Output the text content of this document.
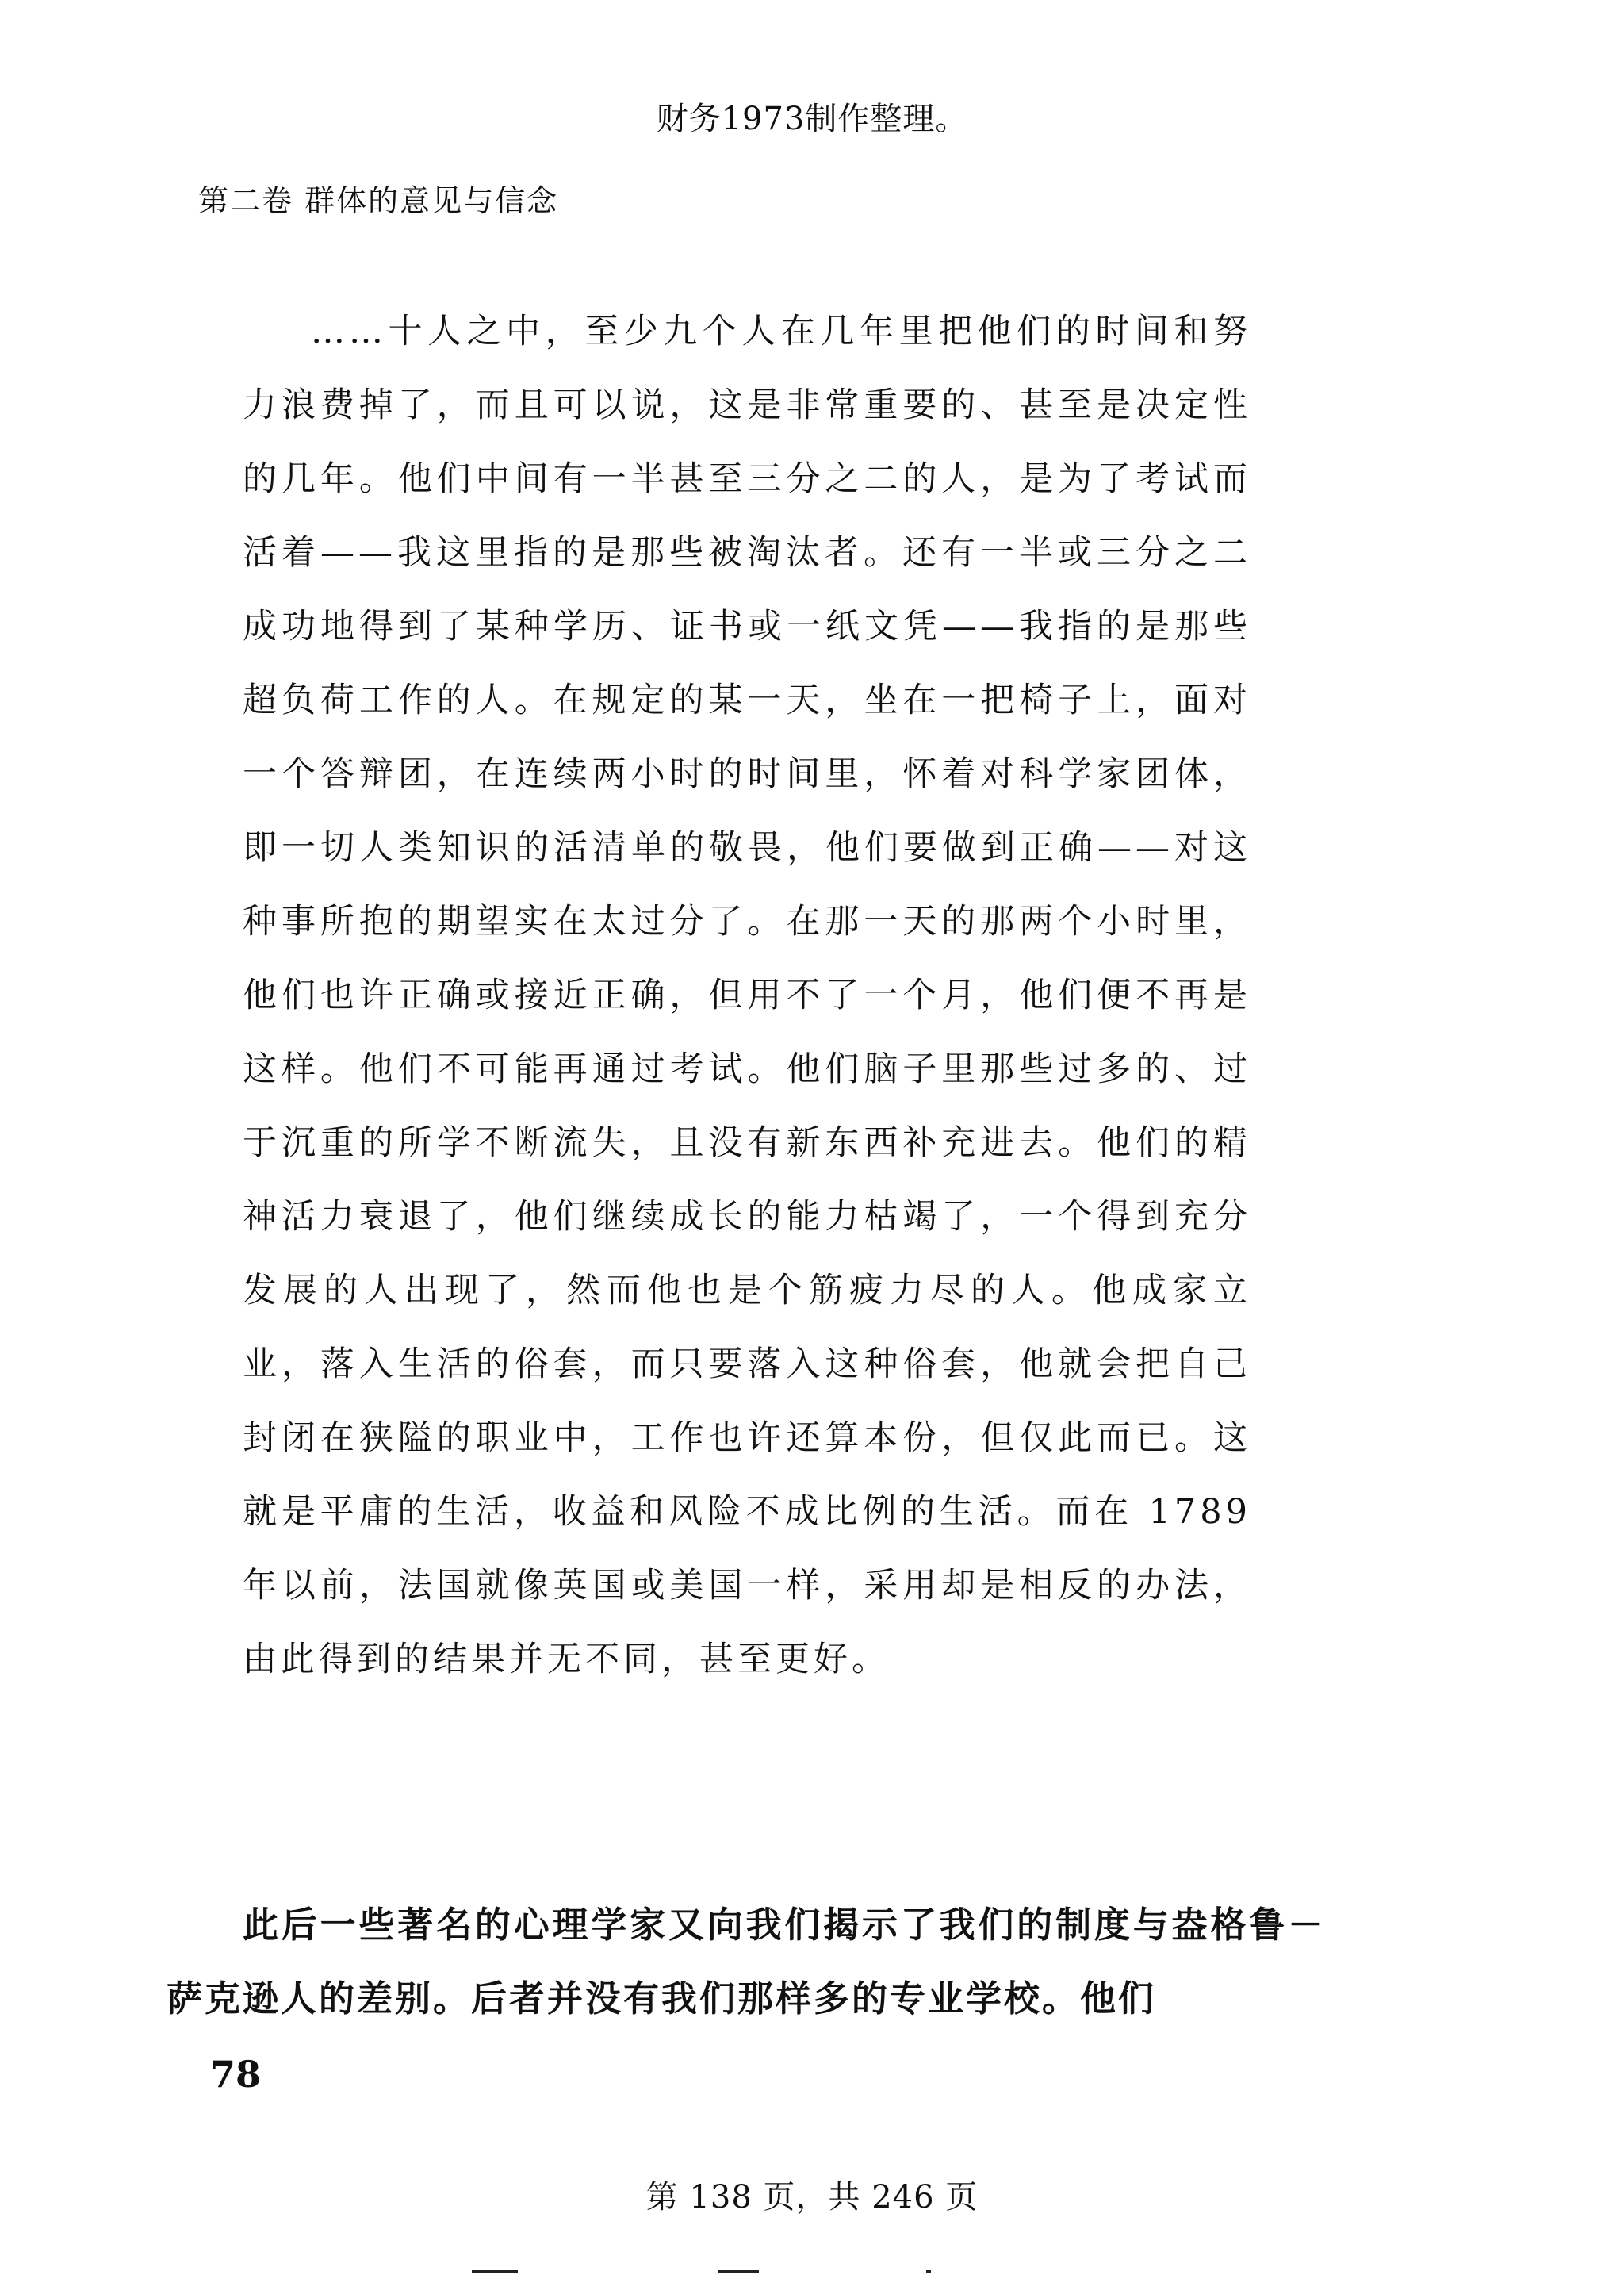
财务1973制作整理。
第二卷 群体的意见与信念

……十人之中，至少九个人在几年里把他们的时间和努力浪费掉了，而且可以说，这是非常重要的、甚至是决定性的几年。他们中间有一半甚至三分之二的人，是为了考试而活着——我这里指的是那些被淘汰者。还有一半或三分之二成功地得到了某种学历、证书或一纸文凭——我指的是那些超负荷工作的人。在规定的某一天，坐在一把椅子上，面对一个答辩团，在连续两小时的时间里，怀着对科学家团体，即一切人类知识的活清单的敬畏，他们要做到正确——对这种事所抱的期望实在太过分了。在那一天的那两个小时里，他们也许正确或接近正确，但用不了一个月，他们便不再是这样。他们不可能再通过考试。他们脑子里那些过多的、过于沉重的所学不断流失，且没有新东西补充进去。他们的精神活力衰退了，他们继续成长的能力枯竭了，一个得到充分发展的人出现了，然而他也是个筋疲力尽的人。他成家立业，落入生活的俗套，而只要落入这种俗套，他就会把自己封闭在狭隘的职业中，工作也许还算本份，但仅此而已。这就是平庸的生活，收益和风险不成比例的生活。而在 1789 年以前，法国就像英国或美国一样，采用却是相反的办法，由此得到的结果并无不同，甚至更好。

此后一些著名的心理学家又向我们揭示了我们的制度与盎格鲁－萨克逊人的差别。后者并没有我们那样多的专业学校。他们

78
第 138 页，共 246 页
